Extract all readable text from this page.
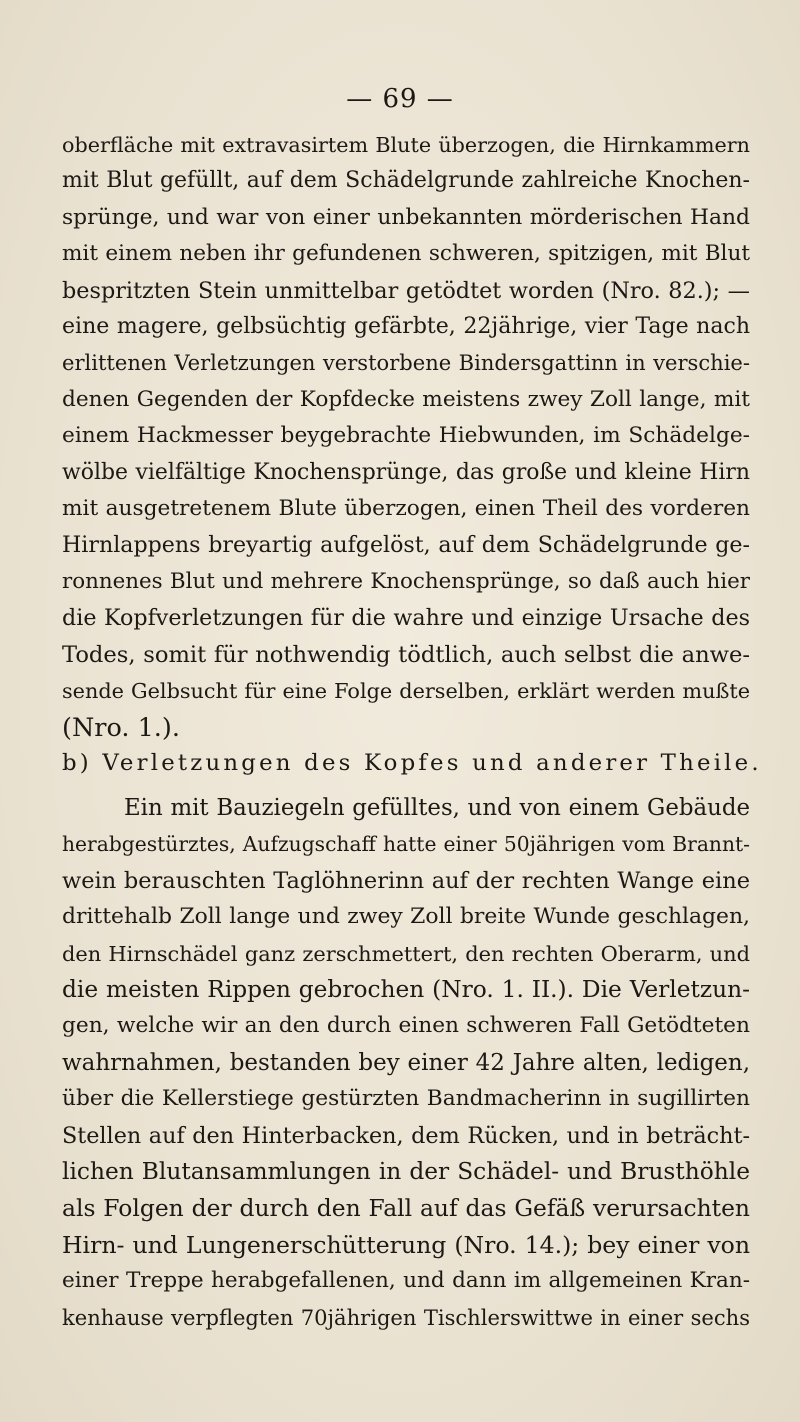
— 69 —
oberfläche mit extravasirtem Blute überzogen, die Hirnkammern
mit Blut gefüllt, auf dem Schädelgrunde zahlreiche Knochen-
sprünge, und war von einer unbekannten mörderischen Hand
mit einem neben ihr gefundenen schweren, spitzigen, mit Blut
bespritzten Stein unmittelbar getödtet worden (Nro. 82.); —
eine magere, gelbsüchtig gefärbte, 22jährige, vier Tage nach
erlittenen Verletzungen verstorbene Bindersgattinn in verschie-
denen Gegenden der Kopfdecke meistens zwey Zoll lange, mit
einem Hackmesser beygebrachte Hiebwunden, im Schädelge-
wölbe vielfältige Knochensprünge, das große und kleine Hirn
mit ausgetretenem Blute überzogen, einen Theil des vorderen
Hirnlappens breyartig aufgelöst, auf dem Schädelgrunde ge-
ronnenes Blut und mehrere Knochensprünge, so daß auch hier
die Kopfverletzungen für die wahre und einzige Ursache des
Todes, somit für nothwendig tödtlich, auch selbst die anwe-
sende Gelbsucht für eine Folge derselben, erklärt werden mußte
(Nro. 1.).
b) Verletzungen des Kopfes und anderer Theile.
Ein mit Bauziegeln gefülltes, und von einem Gebäude
herabgestürztes, Aufzugschaff hatte einer 50jährigen vom Brannt-
wein berauschten Taglöhnerinn auf der rechten Wange eine
drittehalb Zoll lange und zwey Zoll breite Wunde geschlagen,
den Hirnschädel ganz zerschmettert, den rechten Oberarm, und
die meisten Rippen gebrochen (Nro. 1. II.). Die Verletzun-
gen, welche wir an den durch einen schweren Fall Getödteten
wahrnahmen, bestanden bey einer 42 Jahre alten, ledigen,
über die Kellerstiege gestürzten Bandmacherinn in sugillirten
Stellen auf den Hinterbacken, dem Rücken, und in beträcht-
lichen Blutansammlungen in der Schädel- und Brusthöhle
als Folgen der durch den Fall auf das Gefäß verursachten
Hirn- und Lungenerschütterung (Nro. 14.); bey einer von
einer Treppe herabgefallenen, und dann im allgemeinen Kran-
kenhause verpflegten 70jährigen Tischlerswittwe in einer sechs
